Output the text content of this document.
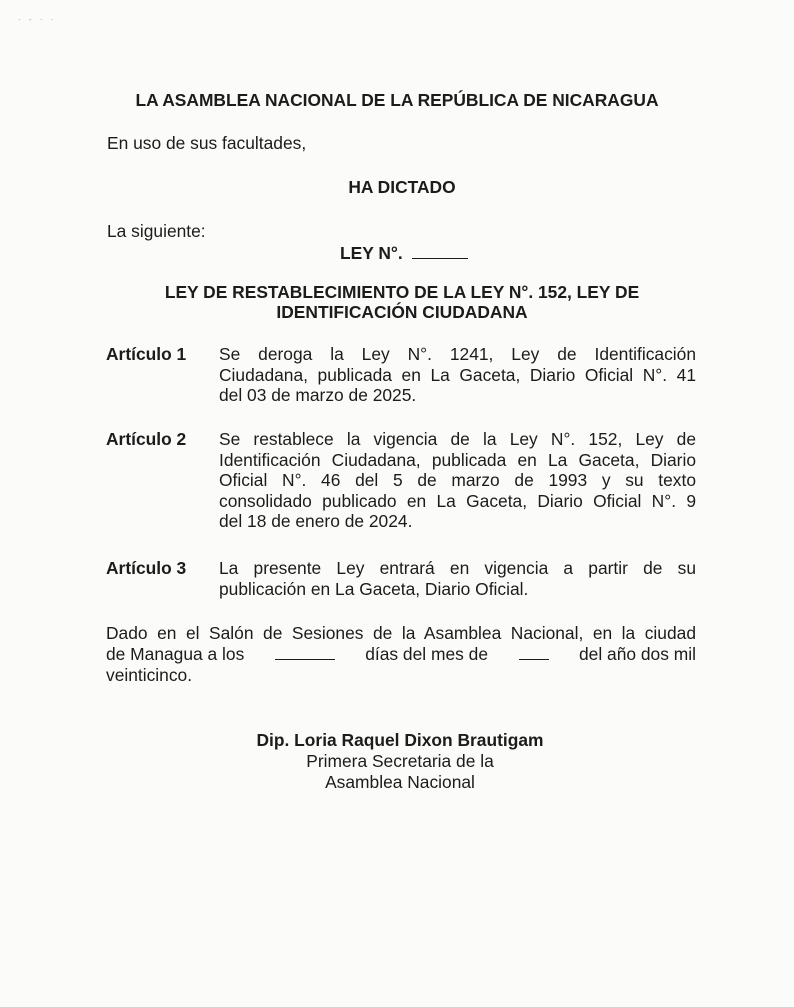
· - · ·
LA ASAMBLEA NACIONAL DE LA REPÚBLICA DE NICARAGUA
En uso de sus facultades,
HA DICTADO
La siguiente:
LEY N°.
LEY DE RESTABLECIMIENTO DE LA LEY N°. 152, LEY DE
IDENTIFICACIÓN CIUDADANA
Artículo 1 Se deroga la Ley N°. 1241, Ley de Identificación
Ciudadana, publicada en La Gaceta, Diario Oficial N°. 41
del 03 de marzo de 2025.
Artículo 2 Se restablece la vigencia de la Ley N°. 152, Ley de
Identificación Ciudadana, publicada en La Gaceta, Diario
Oficial N°. 46 del 5 de marzo de 1993 y su texto
consolidado publicado en La Gaceta, Diario Oficial N°. 9
del 18 de enero de 2024.
Artículo 3 La presente Ley entrará en vigencia a partir de su
publicación en La Gaceta, Diario Oficial.
Dado en el Salón de Sesiones de la Asamblea Nacional, en la ciudad
de Managua a los	días del mes de	del año dos mil
veinticinco.
Dip. Loria Raquel Dixon Brautigam
Primera Secretaria de la
Asamblea Nacional
